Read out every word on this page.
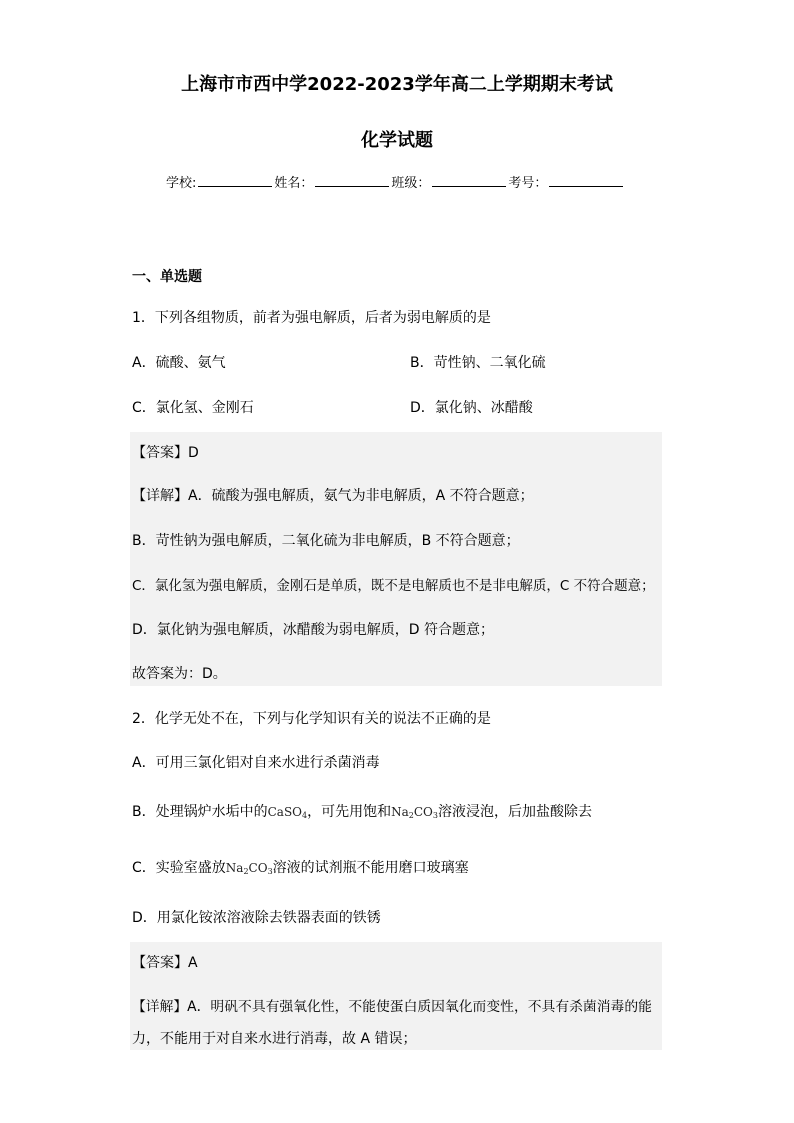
上海市市西中学2022-2023学年高二上学期期末考试
化学试题
学校:	姓名：	班级：	考号：
一、单选题
1．下列各组物质，前者为强电解质，后者为弱电解质的是
A．硫酸、氨气	B．苛性钠、二氧化硫
C．氯化氢、金刚石	D．氯化钠、冰醋酸
【答案】D
【详解】A．硫酸为强电解质，氨气为非电解质，A 不符合题意；
B．苛性钠为强电解质，二氧化硫为非电解质，B 不符合题意；
C．氯化氢为强电解质，金刚石是单质，既不是电解质也不是非电解质，C 不符合题意；
D．氯化钠为强电解质，冰醋酸为弱电解质，D 符合题意；
故答案为：D。
2．化学无处不在，下列与化学知识有关的说法不正确的是
A．可用三氯化铝对自来水进行杀菌消毒
B．处理锅炉水垢中的CaSO$_4$，可先用饱和$Na_2CO_3$溶液浸泡，后加盐酸除去
C．实验室盛放$Na_2CO_3$溶液的试剂瓶不能用磨口玻璃塞
D．用氯化铵浓溶液除去铁器表面的铁锈
【答案】A
【详解】A．明矾不具有强氧化性，不能使蛋白质因氧化而变性，不具有杀菌消毒的能
力，不能用于对自来水进行消毒，故 A 错误；
